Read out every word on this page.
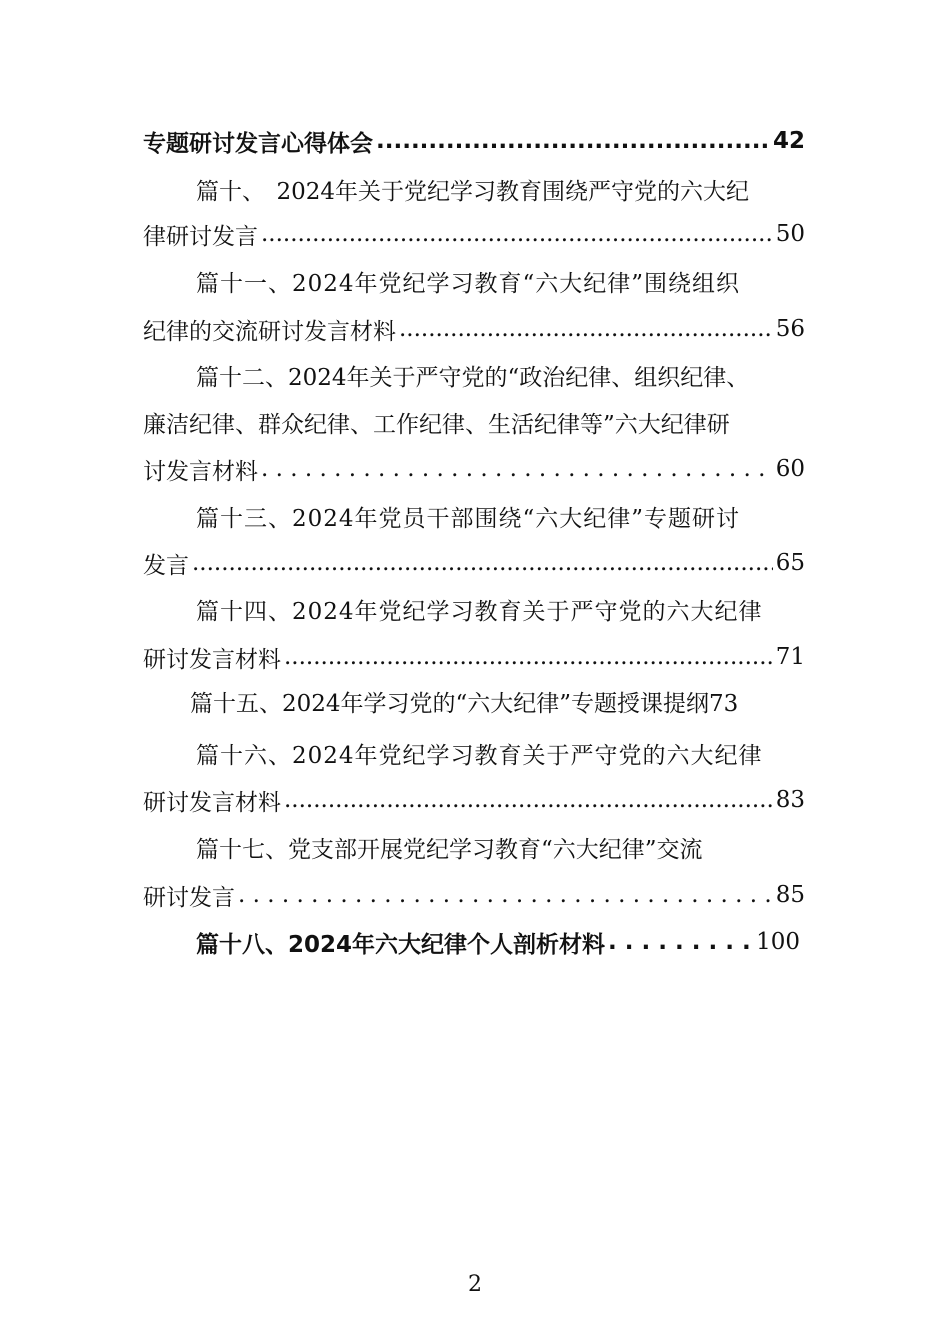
专题研讨发言心得体会 .....	42
篇十、　2024年关于党纪学习教育围绕严守党的六大纪
律研讨发言 .....	50
篇十一、2024年党纪学习教育“六大纪律”围绕组织
纪律的交流研讨发言材料 .....	56
篇十二、2024年关于严守党的“政治纪律、组织纪律、
廉洁纪律、群众纪律、工作纪律、生活纪律等”六大纪律研
讨发言材料 . . .	60
篇十三、2024年党员干部围绕“六大纪律”专题研讨
发言 .....	65
篇十四、2024年党纪学习教育关于严守党的六大纪律
研讨发言材料 .....	71
篇十五、2024年学习党的“六大纪律”专题授课提纲73
篇十六、2024年党纪学习教育关于严守党的六大纪律
研讨发言材料 .....	83
篇十七、党支部开展党纪学习教育“六大纪律”交流
研讨发言 . . .	85
篇十八、2024年六大纪律个人剖析材料 . . .	100
2
